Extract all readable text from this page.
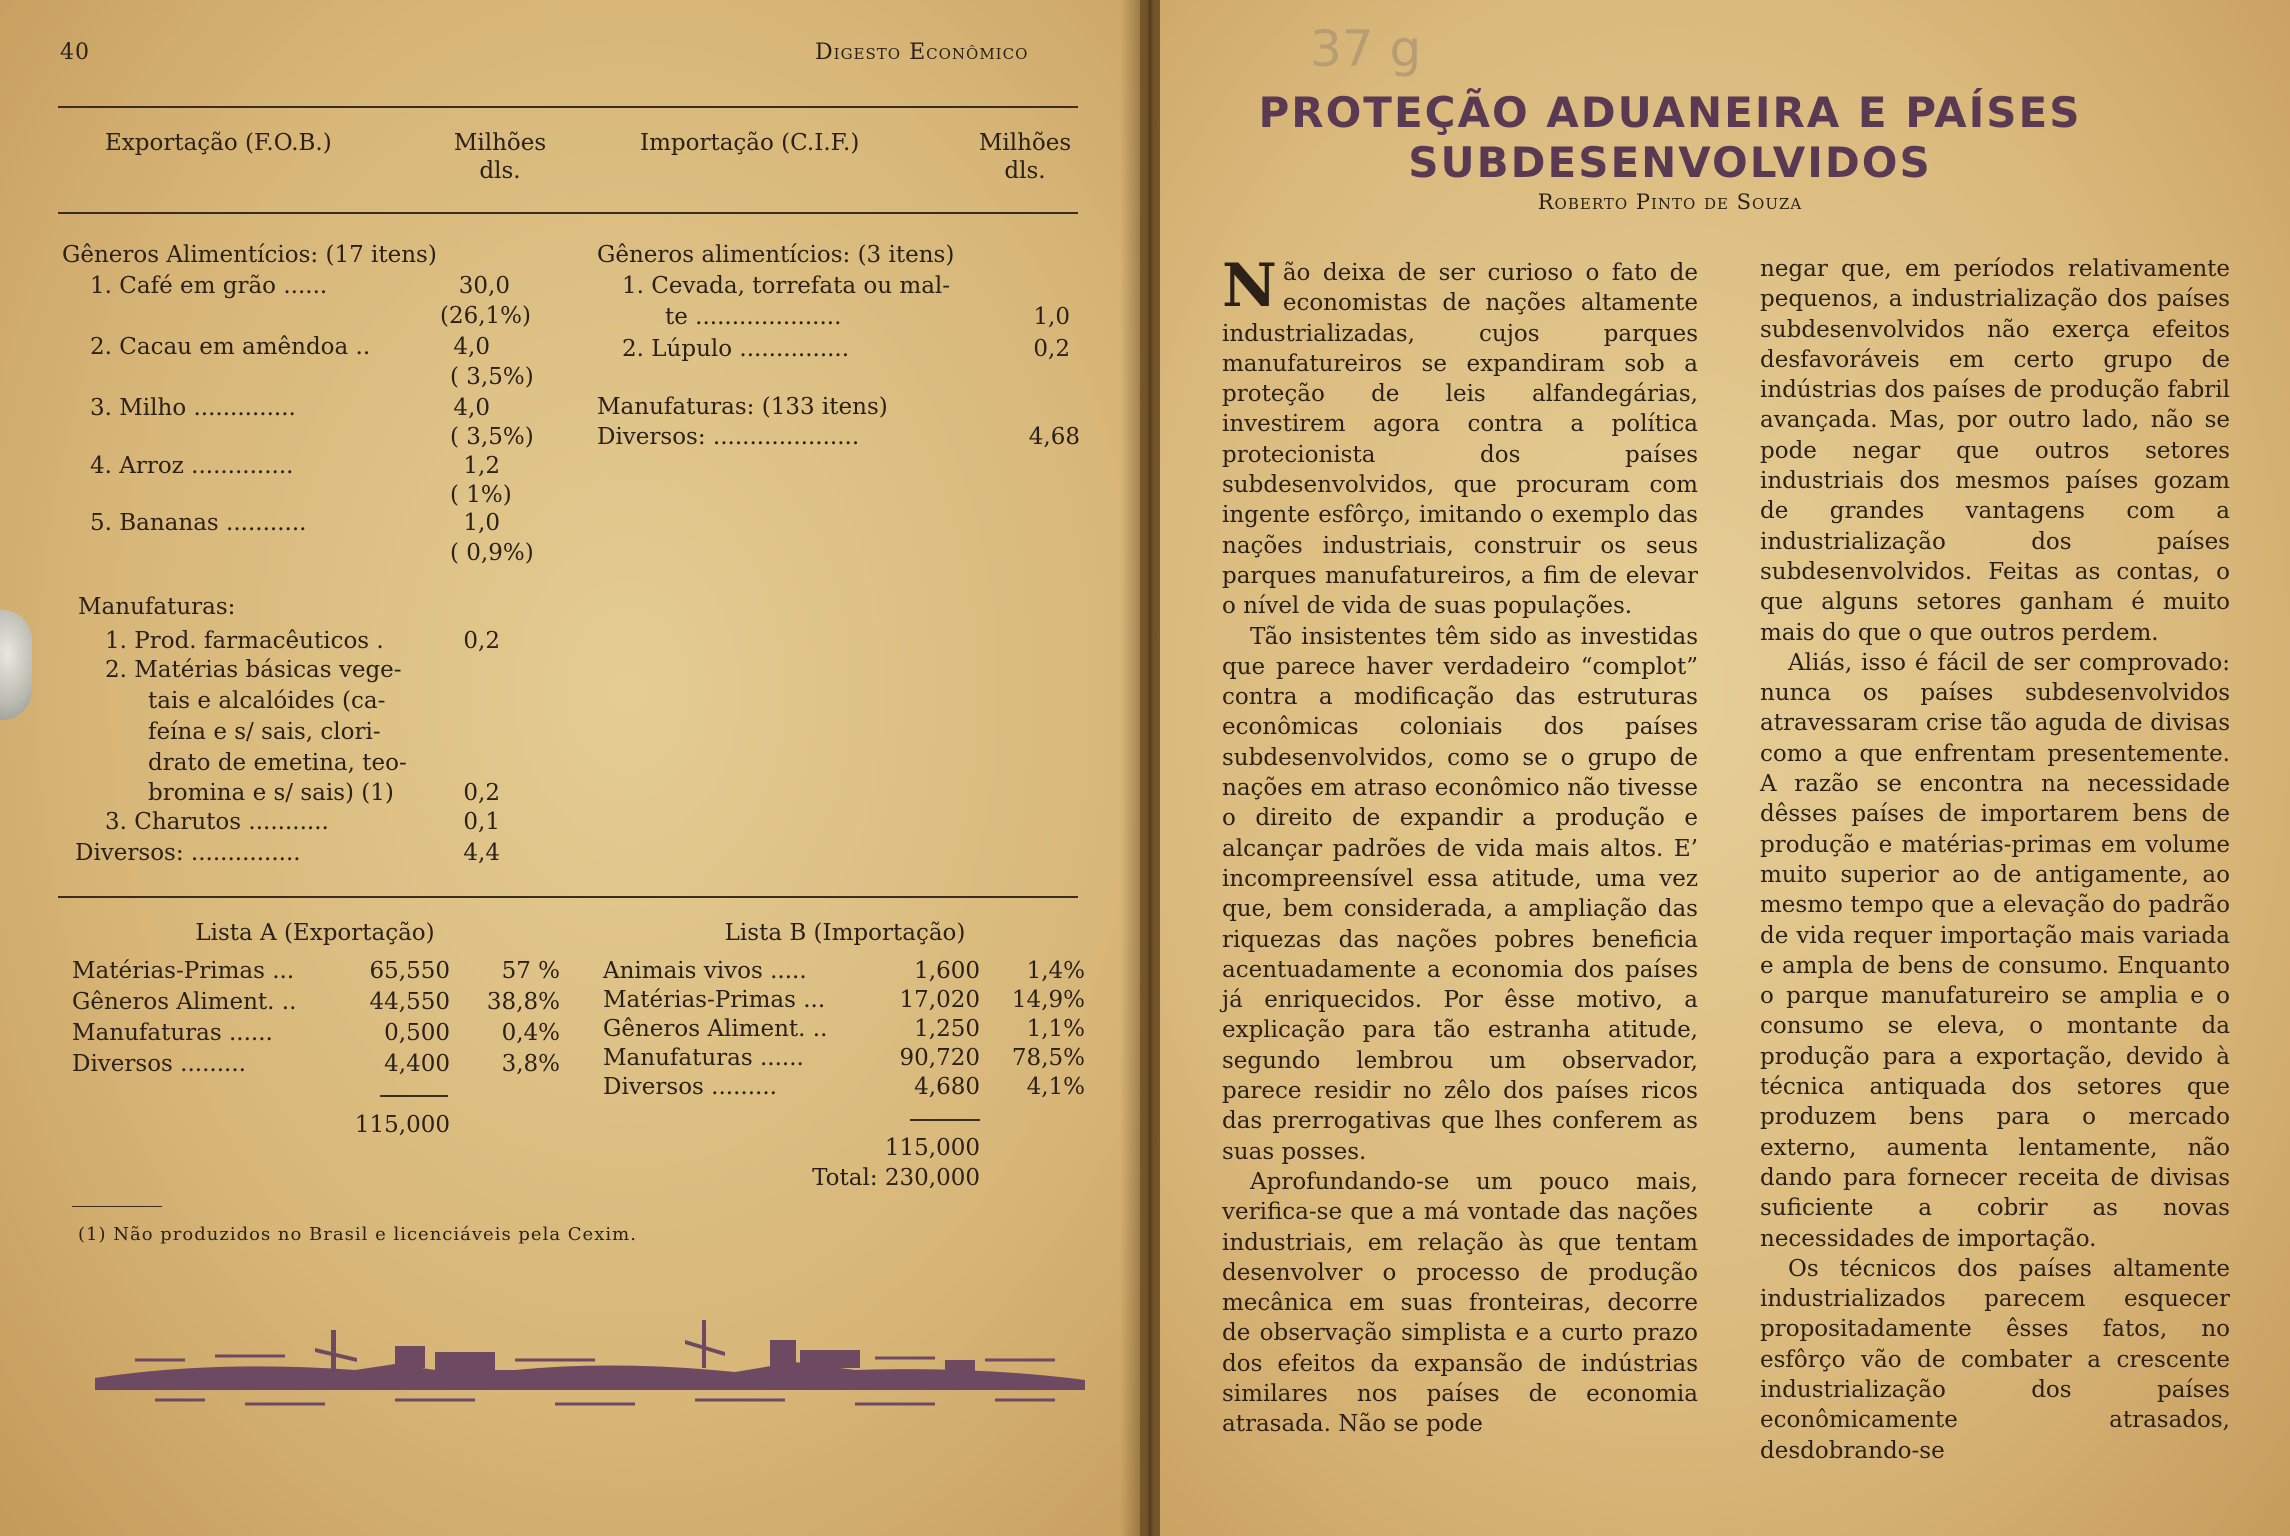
40	Digesto Econômico
Exportação (F.O.B.)	Milhões
dls.
Importação (C.I.F.)	Milhões
dls.
Gêneros Alimentícios: (17 itens)
1. Café em grão ......	30,0
(26,1%)
2. Cacau em amêndoa ..	4,0
( 3,5%)
3. Milho ..............	4,0
( 3,5%)
4. Arroz ..............	1,2
( 1%)
5. Bananas ...........	1,0
( 0,9%)
Manufaturas:
1. Prod. farmacêuticos .	0,2
2. Matérias básicas vege-
tais e alcalóides (ca-
feína e s/ sais, clori-
drato de emetina, teo-
bromina e s/ sais) (1)	0,2
3. Charutos ...........	0,1
Diversos: ...............	4,4
Gêneros alimentícios: (3 itens)
1. Cevada, torrefata ou mal-
te ....................	1,0
2. Lúpulo ...............	0,2
Manufaturas: (133 itens)
Diversos: ....................	4,68
Lista A (Exportação)
Matérias-Primas ...	65,550	57 %
Gêneros Aliment. ..	44,550	38,8%
Manufaturas ......	0,500	0,4%
Diversos .........	4,400	3,8%
115,000
Lista B (Importação)
Animais vivos .....	1,600	1,4%
Matérias-Primas ...	17,020	14,9%
Gêneros Aliment. ..	1,250	1,1%
Manufaturas ......	90,720	78,5%
Diversos .........	4,680	4,1%
115,000
Total: 230,000
(1) Não produzidos no Brasil e licenciáveis pela Cexim.
37 g
PROTEÇÃO ADUANEIRA E PAÍSES
SUBDESENVOLVIDOS
Roberto Pinto de Souza

Não deixa de ser curioso o fato de economistas de nações altamente industrializadas, cujos parques manufatureiros se expandiram sob a proteção de leis alfandegárias, investirem agora contra a política protecionista dos países subdesenvolvidos, que procuram com ingente esfôrço, imitando o exemplo das nações industriais, construir os seus parques manufatureiros, a fim de elevar o nível de vida de suas populações.

Tão insistentes têm sido as investidas que parece haver verdadeiro “complot” contra a modificação das estruturas econômicas coloniais dos países subdesenvolvidos, como se o grupo de nações em atraso econômico não tivesse o direito de expandir a produção e alcançar padrões de vida mais altos. E’ incompreensível essa atitude, uma vez que, bem considerada, a ampliação das riquezas das nações pobres beneficia acentuadamente a economia dos países já enriquecidos. Por êsse motivo, a explicação para tão estranha atitude, segundo lembrou um observador, parece residir no zêlo dos países ricos das prerrogativas que lhes conferem as suas posses.

Aprofundando-se um pouco mais, verifica-se que a má vontade das nações industriais, em relação às que tentam desenvolver o processo de produção mecânica em suas fronteiras, decorre de observação simplista e a curto prazo dos efeitos da expansão de indústrias similares nos países de economia atrasada. Não se pode

negar que, em períodos relativamente pequenos, a industrialização dos países subdesenvolvidos não exerça efeitos desfavoráveis em certo grupo de indústrias dos países de produção fabril avançada. Mas, por outro lado, não se pode negar que outros setores industriais dos mesmos países gozam de grandes vantagens com a industrialização dos países subdesenvolvidos. Feitas as contas, o que alguns setores ganham é muito mais do que o que outros perdem.

Aliás, isso é fácil de ser comprovado: nunca os países subdesenvolvidos atravessaram crise tão aguda de divisas como a que enfrentam presentemente. A razão se encontra na necessidade dêsses países de importarem bens de produção e matérias-primas em volume muito superior ao de antigamente, ao mesmo tempo que a elevação do padrão de vida requer importação mais variada e ampla de bens de consumo. Enquanto o parque manufatureiro se amplia e o consumo se eleva, o montante da produção para a exportação, devido à técnica antiquada dos setores que produzem bens para o mercado externo, aumenta lentamente, não dando para fornecer receita de divisas suficiente a cobrir as novas necessidades de importação.

Os técnicos dos países altamente industrializados parecem esquecer propositadamente êsses fatos, no esfôrço vão de combater a crescente industrialização dos países econômicamente atrasados, desdobrando-se
